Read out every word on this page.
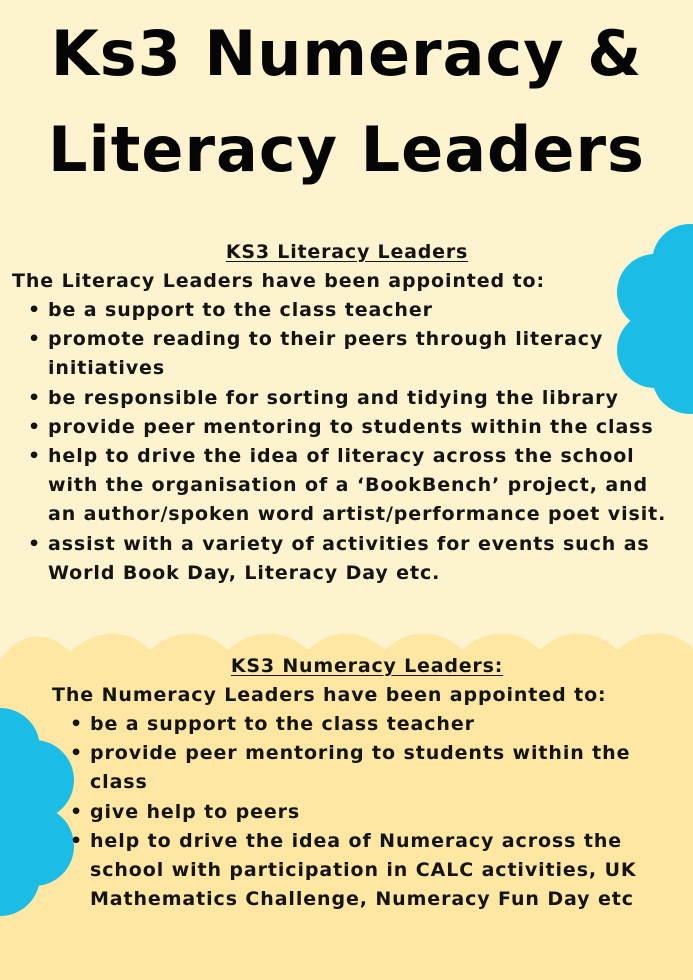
Ks3 Numeracy &
Literacy Leaders

KS3 Literacy Leaders

The Literacy Leaders have been appointed to:

• be a support to the class teacher
• promote reading to their peers through literacy initiatives
• be responsible for sorting and tidying the library
• provide peer mentoring to students within the class
• help to drive the idea of literacy across the school with the organisation of a ‘BookBench’ project, and an author/spoken word artist/performance poet visit.
• assist with a variety of activities for events such as World Book Day, Literacy Day etc.

KS3 Numeracy Leaders:

The Numeracy Leaders have been appointed to:

• be a support to the class teacher
• provide peer mentoring to students within the class
• give help to peers
• help to drive the idea of Numeracy across the school with participation in CALC activities, UK Mathematics Challenge, Numeracy Fun Day etc
